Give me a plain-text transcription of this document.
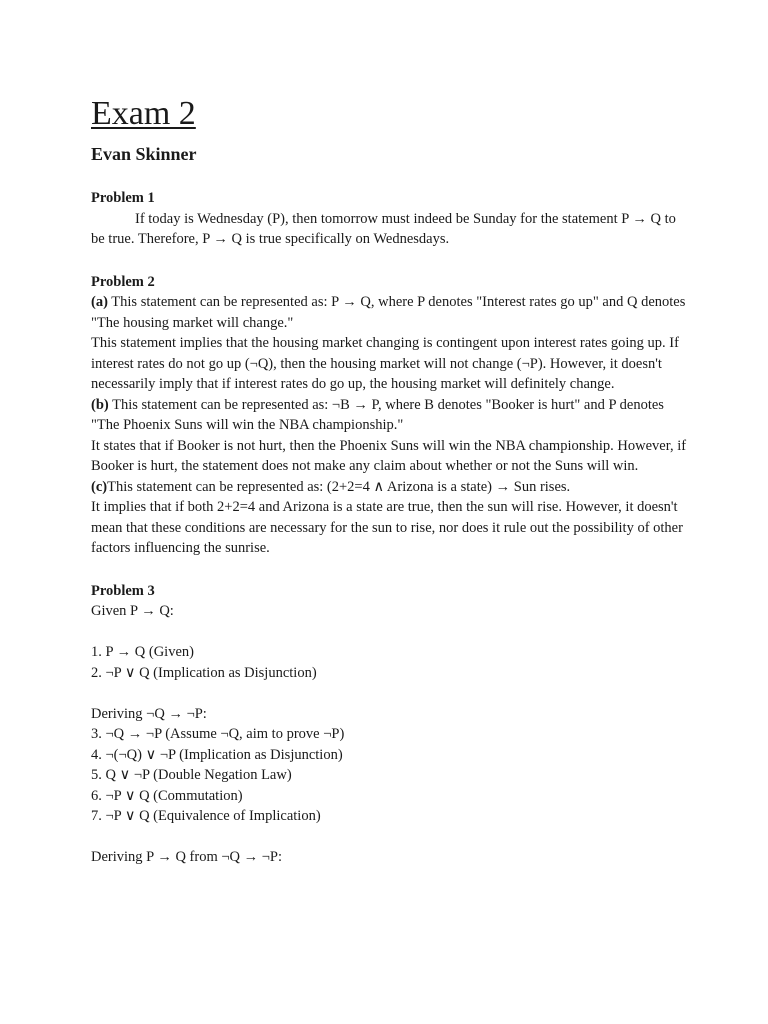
Exam 2
Evan Skinner
Problem 1
If today is Wednesday (P), then tomorrow must indeed be Sunday for the statement P → Q to be true. Therefore, P → Q is true specifically on Wednesdays.
Problem 2
(a) This statement can be represented as: P → Q, where P denotes "Interest rates go up" and Q denotes "The housing market will change."
This statement implies that the housing market changing is contingent upon interest rates going up. If interest rates do not go up (¬Q), then the housing market will not change (¬P). However, it doesn't necessarily imply that if interest rates do go up, the housing market will definitely change.
(b) This statement can be represented as: ¬B → P, where B denotes "Booker is hurt" and P denotes "The Phoenix Suns will win the NBA championship."
It states that if Booker is not hurt, then the Phoenix Suns will win the NBA championship. However, if Booker is hurt, the statement does not make any claim about whether or not the Suns will win.
(c)This statement can be represented as: (2+2=4 ∧ Arizona is a state) → Sun rises.
It implies that if both 2+2=4 and Arizona is a state are true, then the sun will rise. However, it doesn't mean that these conditions are necessary for the sun to rise, nor does it rule out the possibility of other factors influencing the sunrise.
Problem 3
Given P → Q:
1. P → Q (Given)
2. ¬P ∨ Q (Implication as Disjunction)
Deriving ¬Q → ¬P:
3. ¬Q → ¬P (Assume ¬Q, aim to prove ¬P)
4. ¬(¬Q) ∨ ¬P (Implication as Disjunction)
5. Q ∨ ¬P (Double Negation Law)
6. ¬P ∨ Q (Commutation)
7. ¬P ∨ Q (Equivalence of Implication)
Deriving P → Q from ¬Q → ¬P:
